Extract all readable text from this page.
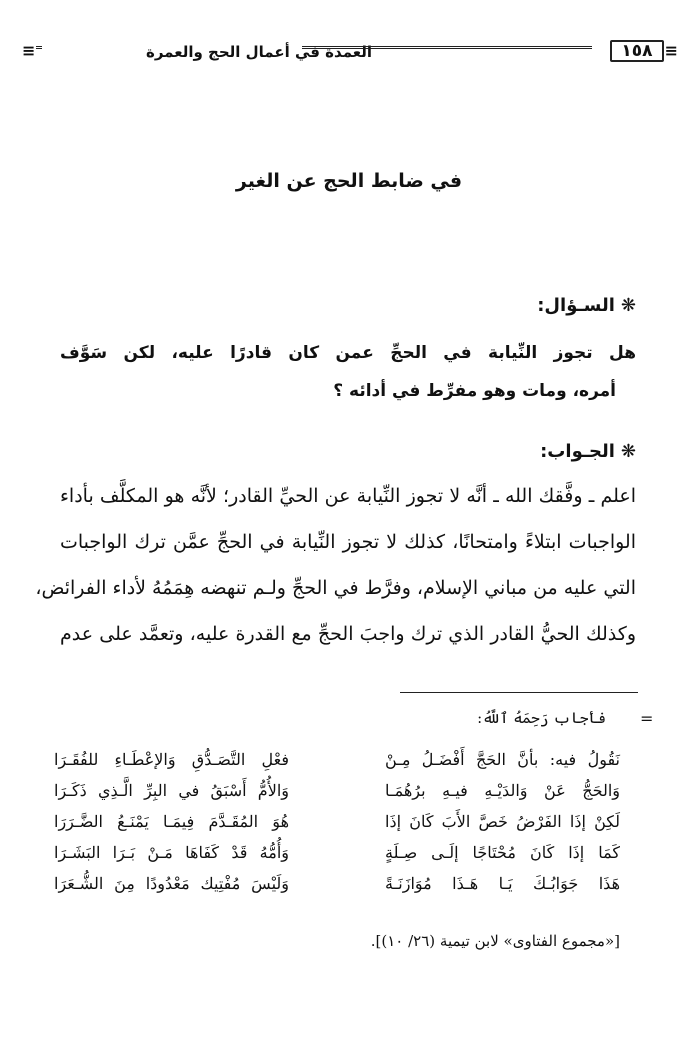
≡	العمدة في أعمال الحج والعمرة	١٥٨ ≡
في ضابط الحج عن الغير
❋السـؤال:
هل تجوز النِّيابة في الحجِّ عمن كان قادرًا عليه، لكن سَوَّف
أمره، ومات وهو مفرِّط في أدائه ؟
❋الجـواب:
اعلم ـ وفَّقك الله ـ أنَّه لا تجوز النِّيابة عن الحيِّ القادر؛ لأنَّه هو المكلَّف بأداء
الواجبات ابتلاءً وامتحانًا، كذلك لا تجوز النِّيابة في الحجِّ عمَّن ترك الواجبات
التي عليه من مباني الإسلام، وفرَّط في الحجِّ ولـم تنهضه هِمَمُهُ لأداء الفرائض،
وكذلك الحيُّ القادر الذي ترك واجبَ الحجِّ مع القدرة عليه، وتعمَّد على عدم
=
فأجاب رَحِمَهُ ٱللَّهُ:
نَقُولُ فيه: بأنَّ الحَجَّ أَفْضَـلُ مِـنْ
فعْلِ التَّصَـدُّقِ وَالإعْطَـاءِ للفُقَـرَا
وَالحَجُّ عَنْ وَالدَيْـهِ فيـهِ برُهُمَـا
وَالأُمُّ أَسْبَقُ في البِرِّ الَّـذِي ذَكَـرَا
لَكِنْ إذَا الفَرْضُ خَصَّ الأَبَ كَانَ إذَا
هُوَ المُقَـدَّمَ فِيمَـا يَمْنَـعُ الضَّـرَرَا
كَمَا إذَا كَانَ مُحْتَاجًا إلَـى صِـلَةٍ
وَأُمُّهُ قَدْ كَفَاهَا مَـنْ بَـرَا البَشَـرَا
هَذَا جَوَابُـكَ يَـا هَـذَا مُوَازَنَـةً
وَلَيْسَ مُفْتِيك مَعْدُودًا مِنَ الشُّـعَرَا
[«مجموع الفتاوى» لابن تيمية (٢٦/ ١٠)].
